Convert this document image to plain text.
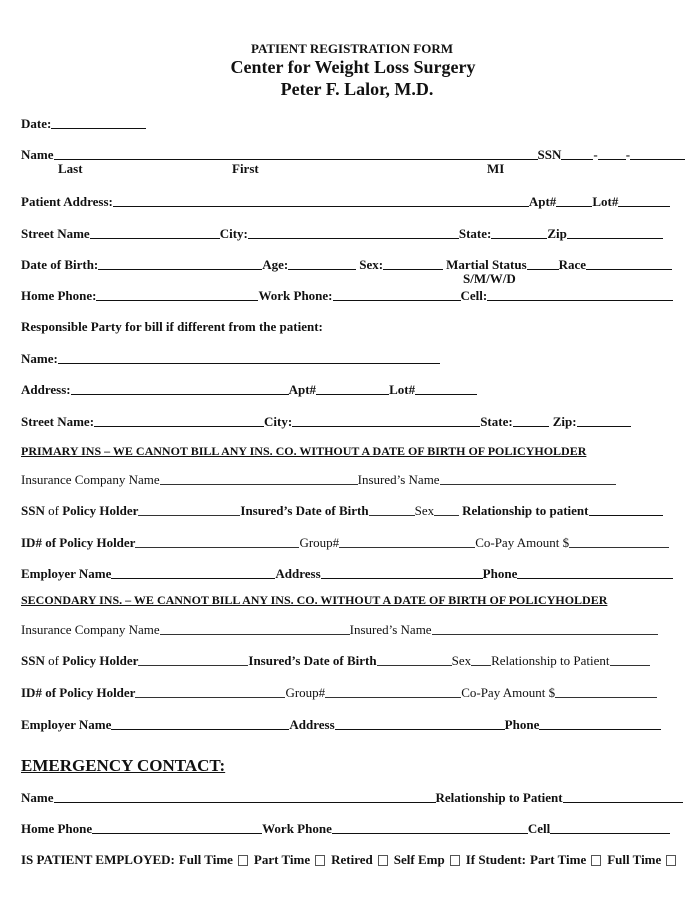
PATIENT REGISTRATION FORM
Center for Weight Loss Surgery
Peter F. Lalor, M.D.
Date:
Name	SSN - -
Last	First	MI
Patient Address:	Apt#	Lot#
Street Name	City:	State:	Zip
Date of Birth:	Age:	Sex:	Martial Status Race
S/M/W/D
Home Phone:	Work Phone:	Cell:
Responsible Party for bill if different from the patient:
Name:
Address:	Apt#	Lot#
Street Name:	City:	State:	Zip:
PRIMARY INS – WE CANNOT BILL ANY INS. CO. WITHOUT A DATE OF BIRTH OF POLICYHOLDER
Insurance Company Name	Insured’s Name
SSN of Policy Holder	Insured’s Date of Birth	Sex Relationship to patient
ID# of Policy Holder	Group#	Co-Pay Amount $
Employer Name	Address	Phone
SECONDARY INS. – WE CANNOT BILL ANY INS. CO. WITHOUT A DATE OF BIRTH OF POLICYHOLDER
Insurance Company Name	Insured’s Name
SSN of Policy Holder	Insured’s Date of Birth	Sex Relationship to Patient
ID# of Policy Holder	Group#	Co-Pay Amount $
Employer Name	Address	Phone
EMERGENCY CONTACT:
Name	Relationship to Patient
Home Phone	Work Phone	Cell
IS PATIENT EMPLOYED: Full Time Part Time Retired Self Emp If Student: Part Time Full Time
